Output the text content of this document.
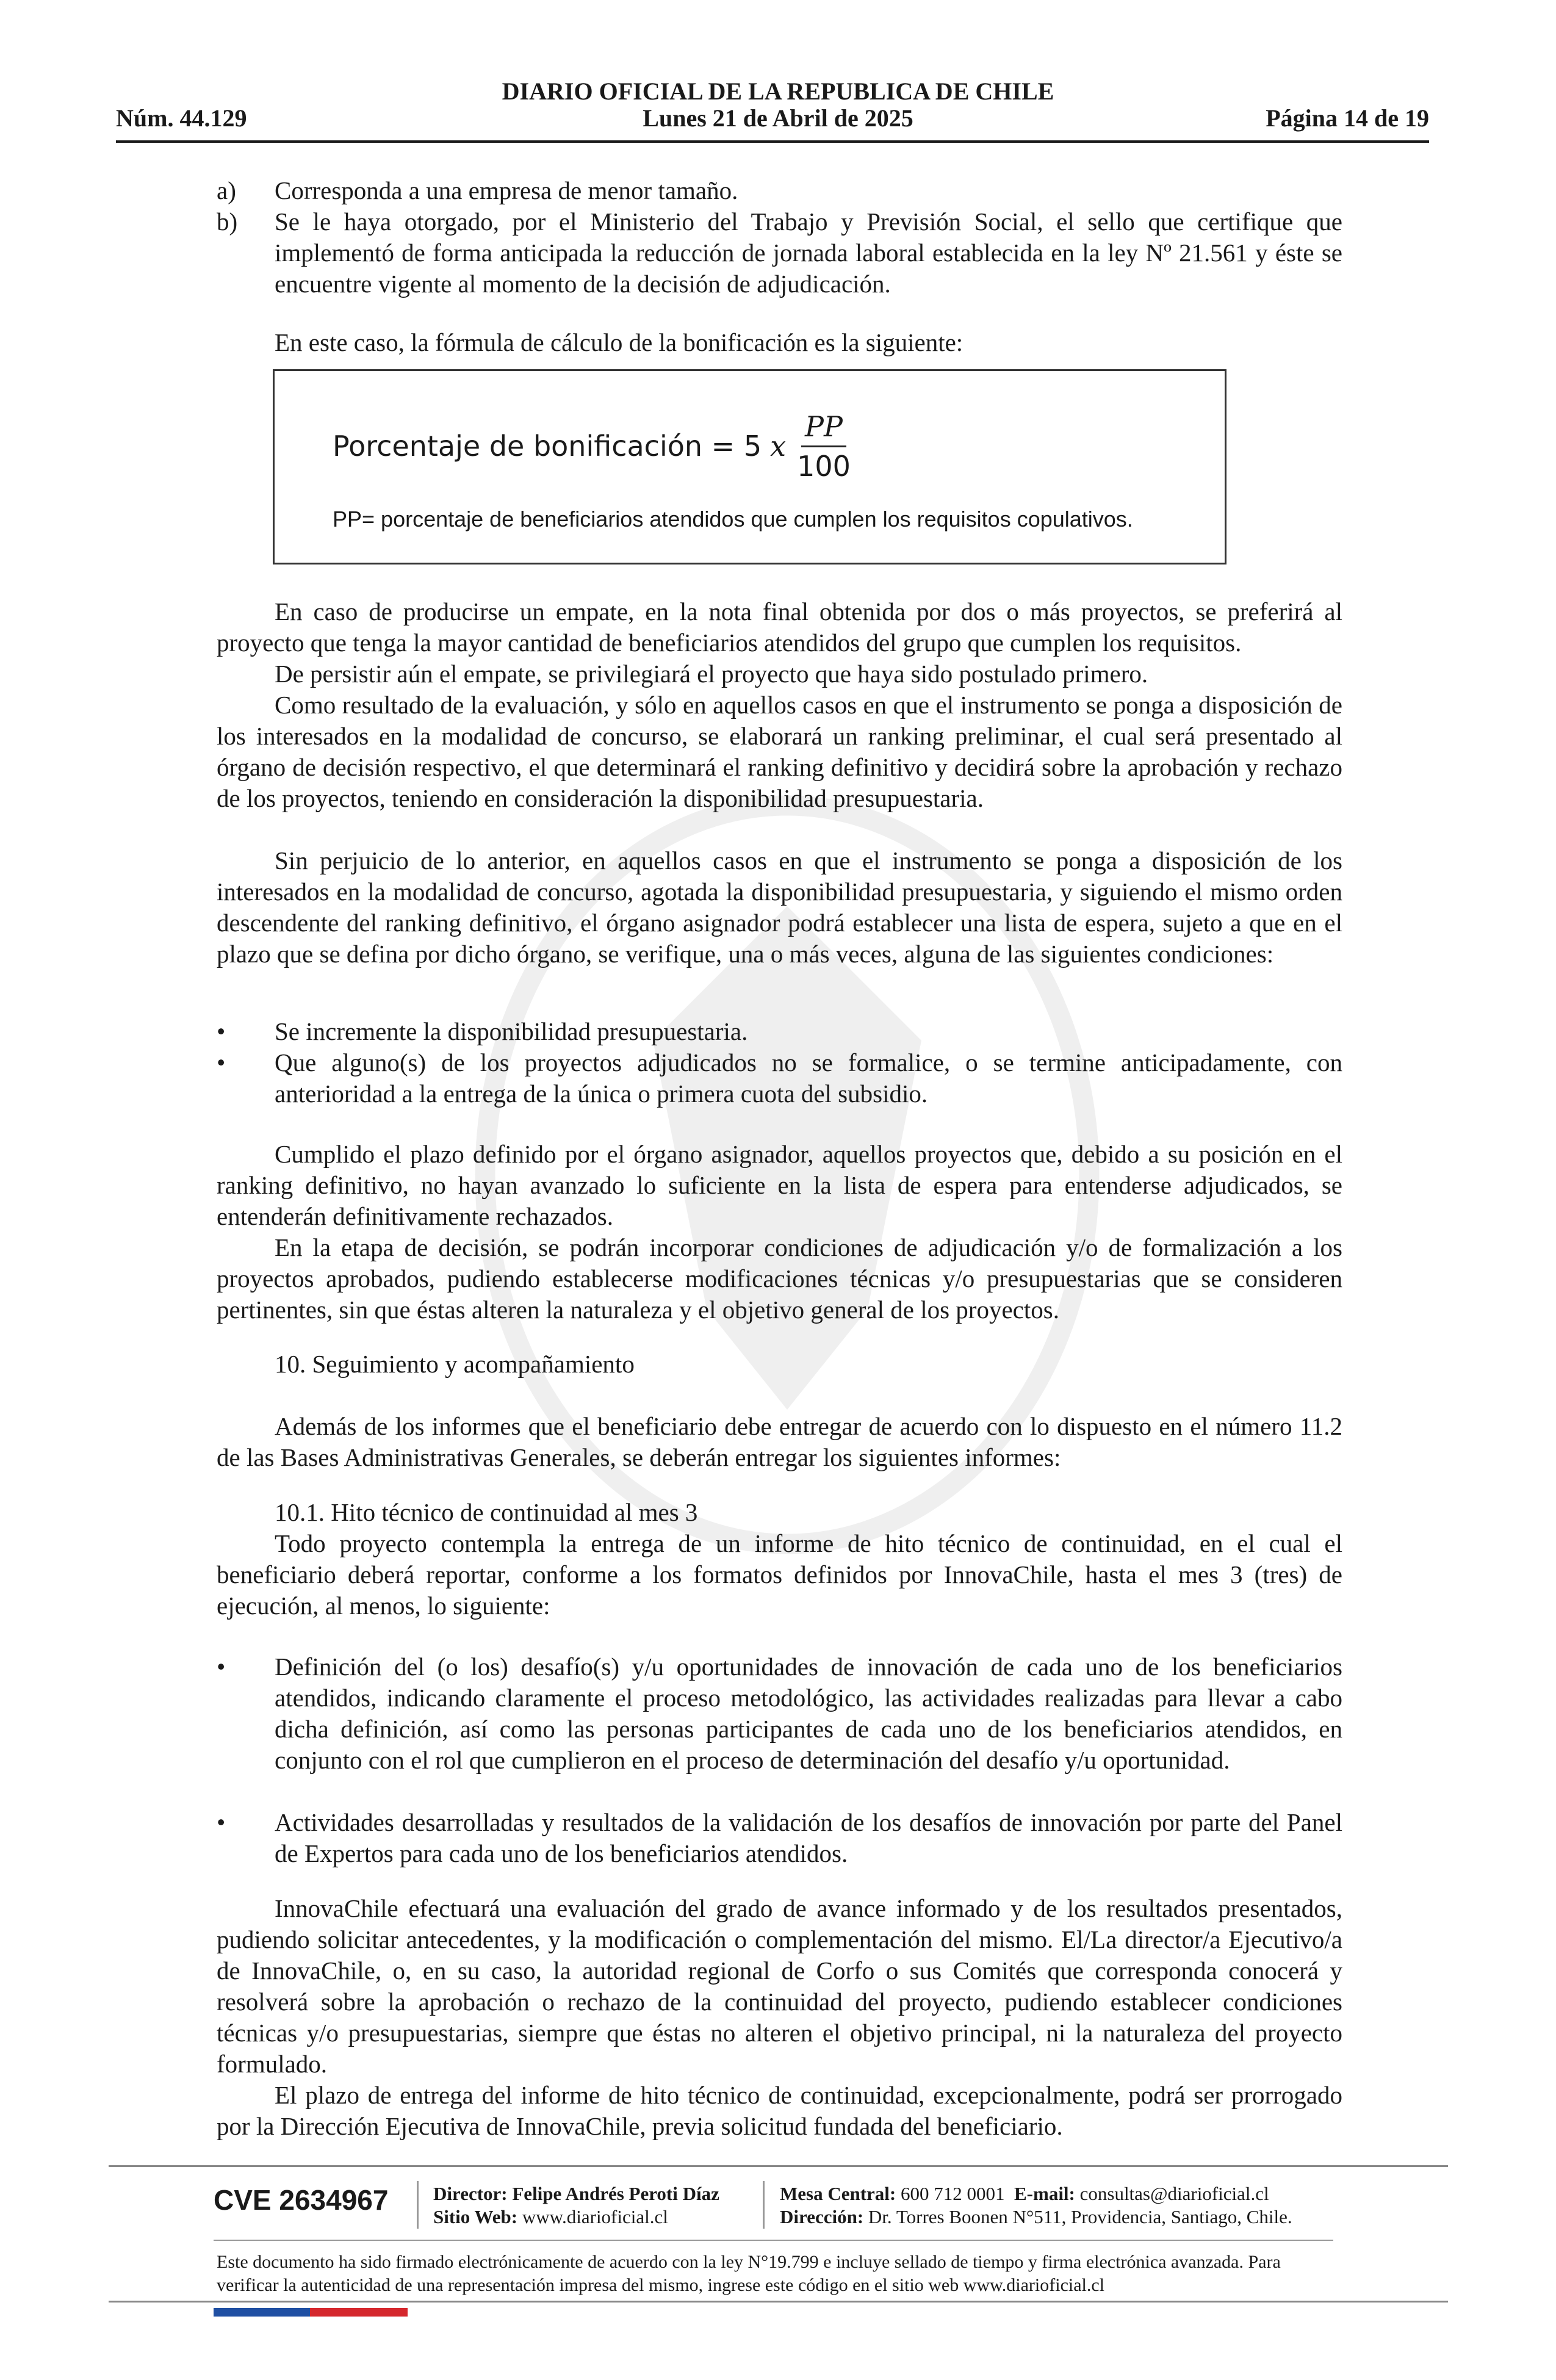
DIARIO OFICIAL DE LA REPUBLICA DE CHILE
Núm. 44.129	Lunes 21 de Abril de 2025	Página 14 de 19
a) Corresponda a una empresa de menor tamaño.
b) Se le haya otorgado, por el Ministerio del Trabajo y Previsión Social, el sello que certifique que implementó de forma anticipada la reducción de jornada laboral establecida en la ley Nº 21.561 y éste se encuentre vigente al momento de la decisión de adjudicación.
En este caso, la fórmula de cálculo de la bonificación es la siguiente:
Porcentaje de bonificación = 5 x $\frac{PP}{100}$
PP= porcentaje de beneficiarios atendidos que cumplen los requisitos copulativos.
En caso de producirse un empate, en la nota final obtenida por dos o más proyectos, se preferirá al proyecto que tenga la mayor cantidad de beneficiarios atendidos del grupo que cumplen los requisitos.
De persistir aún el empate, se privilegiará el proyecto que haya sido postulado primero.
Como resultado de la evaluación, y sólo en aquellos casos en que el instrumento se ponga a disposición de los interesados en la modalidad de concurso, se elaborará un ranking preliminar, el cual será presentado al órgano de decisión respectivo, el que determinará el ranking definitivo y decidirá sobre la aprobación y rechazo de los proyectos, teniendo en consideración la disponibilidad presupuestaria.
Sin perjuicio de lo anterior, en aquellos casos en que el instrumento se ponga a disposición de los interesados en la modalidad de concurso, agotada la disponibilidad presupuestaria, y siguiendo el mismo orden descendente del ranking definitivo, el órgano asignador podrá establecer una lista de espera, sujeto a que en el plazo que se defina por dicho órgano, se verifique, una o más veces, alguna de las siguientes condiciones:
• Se incremente la disponibilidad presupuestaria.
• Que alguno(s) de los proyectos adjudicados no se formalice, o se termine anticipadamente, con anterioridad a la entrega de la única o primera cuota del subsidio.
Cumplido el plazo definido por el órgano asignador, aquellos proyectos que, debido a su posición en el ranking definitivo, no hayan avanzado lo suficiente en la lista de espera para entenderse adjudicados, se entenderán definitivamente rechazados.
En la etapa de decisión, se podrán incorporar condiciones de adjudicación y/o de formalización a los proyectos aprobados, pudiendo establecerse modificaciones técnicas y/o presupuestarias que se consideren pertinentes, sin que éstas alteren la naturaleza y el objetivo general de los proyectos.
10. Seguimiento y acompañamiento
Además de los informes que el beneficiario debe entregar de acuerdo con lo dispuesto en el número 11.2 de las Bases Administrativas Generales, se deberán entregar los siguientes informes:
10.1. Hito técnico de continuidad al mes 3
Todo proyecto contempla la entrega de un informe de hito técnico de continuidad, en el cual el beneficiario deberá reportar, conforme a los formatos definidos por InnovaChile, hasta el mes 3 (tres) de ejecución, al menos, lo siguiente:
• Definición del (o los) desafío(s) y/u oportunidades de innovación de cada uno de los beneficiarios atendidos, indicando claramente el proceso metodológico, las actividades realizadas para llevar a cabo dicha definición, así como las personas participantes de cada uno de los beneficiarios atendidos, en conjunto con el rol que cumplieron en el proceso de determinación del desafío y/u oportunidad.
• Actividades desarrolladas y resultados de la validación de los desafíos de innovación por parte del Panel de Expertos para cada uno de los beneficiarios atendidos.
InnovaChile efectuará una evaluación del grado de avance informado y de los resultados presentados, pudiendo solicitar antecedentes, y la modificación o complementación del mismo. El/La director/a Ejecutivo/a de InnovaChile, o, en su caso, la autoridad regional de Corfo o sus Comités que corresponda conocerá y resolverá sobre la aprobación o rechazo de la continuidad del proyecto, pudiendo establecer condiciones técnicas y/o presupuestarias, siempre que éstas no alteren el objetivo principal, ni la naturaleza del proyecto formulado.
El plazo de entrega del informe de hito técnico de continuidad, excepcionalmente, podrá ser prorrogado por la Dirección Ejecutiva de InnovaChile, previa solicitud fundada del beneficiario.
CVE 2634967 Director: Felipe Andrés Peroti Díaz
Sitio Web: www.diarioficial.cl
Mesa Central: 600 712 0001 E-mail: consultas@diarioficial.cl
Dirección: Dr. Torres Boonen N°511, Providencia, Santiago, Chile.
Este documento ha sido firmado electrónicamente de acuerdo con la ley N°19.799 e incluye sellado de tiempo y firma electrónica avanzada. Para verificar la autenticidad de una representación impresa del mismo, ingrese este código en el sitio web www.diarioficial.cl
